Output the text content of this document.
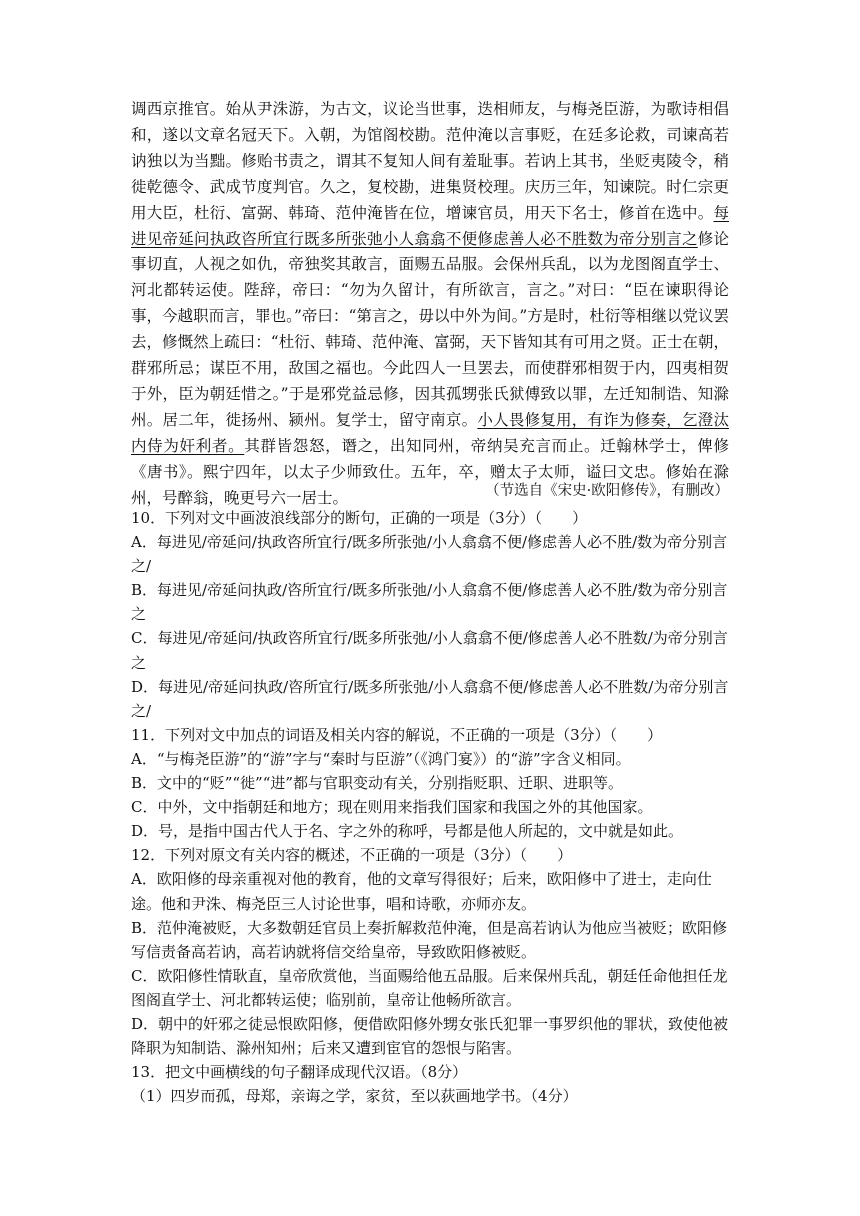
调西京推官。始从尹洙游，为古文，议论当世事，迭相师友，与梅尧臣游，为歌诗相倡和，遂以文章名冠天下。入朝，为馆阁校勘。范仲淹以言事贬，在廷多论救，司谏高若讷独以为当黜。修贻书责之，谓其不复知人间有羞耻事。若讷上其书，坐贬夷陵令，稍徙乾德令、武成节度判官。久之，复校勘，进集贤校理。庆历三年，知谏院。时仁宗更用大臣，杜衍、富弼、韩琦、范仲淹皆在位，增谏官员，用天下名士，修首在选中。每进见帝延问执政咨所宜行既多所张弛小人翕翕不便修虑善人必不胜数为帝分别言之修论事切直，人视之如仇，帝独奖其敢言，面赐五品服。会保州兵乱，以为龙图阁直学士、河北都转运使。陛辞，帝曰：“勿为久留计，有所欲言，言之。”对曰：“臣在谏职得论事，今越职而言，罪也。”帝曰：“第言之，毋以中外为间。”方是时，杜衍等相继以党议罢去，修慨然上疏曰：“杜衍、韩琦、范仲淹、富弼，天下皆知其有可用之贤。正士在朝，群邪所忌；谋臣不用，敌国之福也。今此四人一旦罢去，而使群邪相贺于内，四夷相贺于外，臣为朝廷惜之。”于是邪党益忌修，因其孤甥张氏狱傅致以罪，左迁知制诰、知滁州。居二年，徙扬州、颍州。复学士，留守南京。小人畏修复用，有诈为修奏，乞澄汰内侍为奸利者。其群皆怨怒，谮之，出知同州，帝纳吴充言而止。迁翰林学士，俾修《唐书》。熙宁四年，以太子少师致仕。五年，卒，赠太子太师，谥曰文忠。修始在滁州，号醉翁，晚更号六一居士。	（节选自《宋史·欧阳修传》，有删改）

10．下列对文中画波浪线部分的断句，正确的一项是（3分）（　　）

A．每进见/帝延问/执政咨所宜行/既多所张弛/小人翕翕不便/修虑善人必不胜/数为帝分别言之/

B．每进见/帝延问执政/咨所宜行/既多所张弛/小人翕翕不便/修虑善人必不胜/数为帝分别言之

C．每进见/帝延问/执政咨所宜行/既多所张弛/小人翕翕不便/修虑善人必不胜数/为帝分别言之

D．每进见/帝延问执政/咨所宜行/既多所张弛/小人翕翕不便/修虑善人必不胜数/为帝分别言之/

11．下列对文中加点的词语及相关内容的解说，不正确的一项是（3分）（　　）

A．“与梅尧臣游”的“游”字与“秦时与臣游”（《鸿门宴》）的“游”字含义相同。

B．文中的“贬”“徙”“进”都与官职变动有关，分别指贬职、迁职、进职等。

C．中外，文中指朝廷和地方；现在则用来指我们国家和我国之外的其他国家。

D．号，是指中国古代人于名、字之外的称呼，号都是他人所起的，文中就是如此。

12．下列对原文有关内容的概述，不正确的一项是（3分）（　　）

A．欧阳修的母亲重视对他的教育，他的文章写得很好；后来，欧阳修中了进士，走向仕途。他和尹洙、梅尧臣三人讨论世事，唱和诗歌，亦师亦友。

B．范仲淹被贬，大多数朝廷官员上奏折解救范仲淹，但是高若讷认为他应当被贬；欧阳修写信责备高若讷，高若讷就将信交给皇帝，导致欧阳修被贬。

C．欧阳修性情耿直，皇帝欣赏他，当面赐给他五品服。后来保州兵乱，朝廷任命他担任龙图阁直学士、河北都转运使；临别前，皇帝让他畅所欲言。

D．朝中的奸邪之徒忌恨欧阳修，便借欧阳修外甥女张氏犯罪一事罗织他的罪状，致使他被降职为知制诰、滁州知州；后来又遭到宦官的怨恨与陷害。

13．把文中画横线的句子翻译成现代汉语。（8分）

（1）四岁而孤，母郑，亲诲之学，家贫，至以荻画地学书。（4分）
